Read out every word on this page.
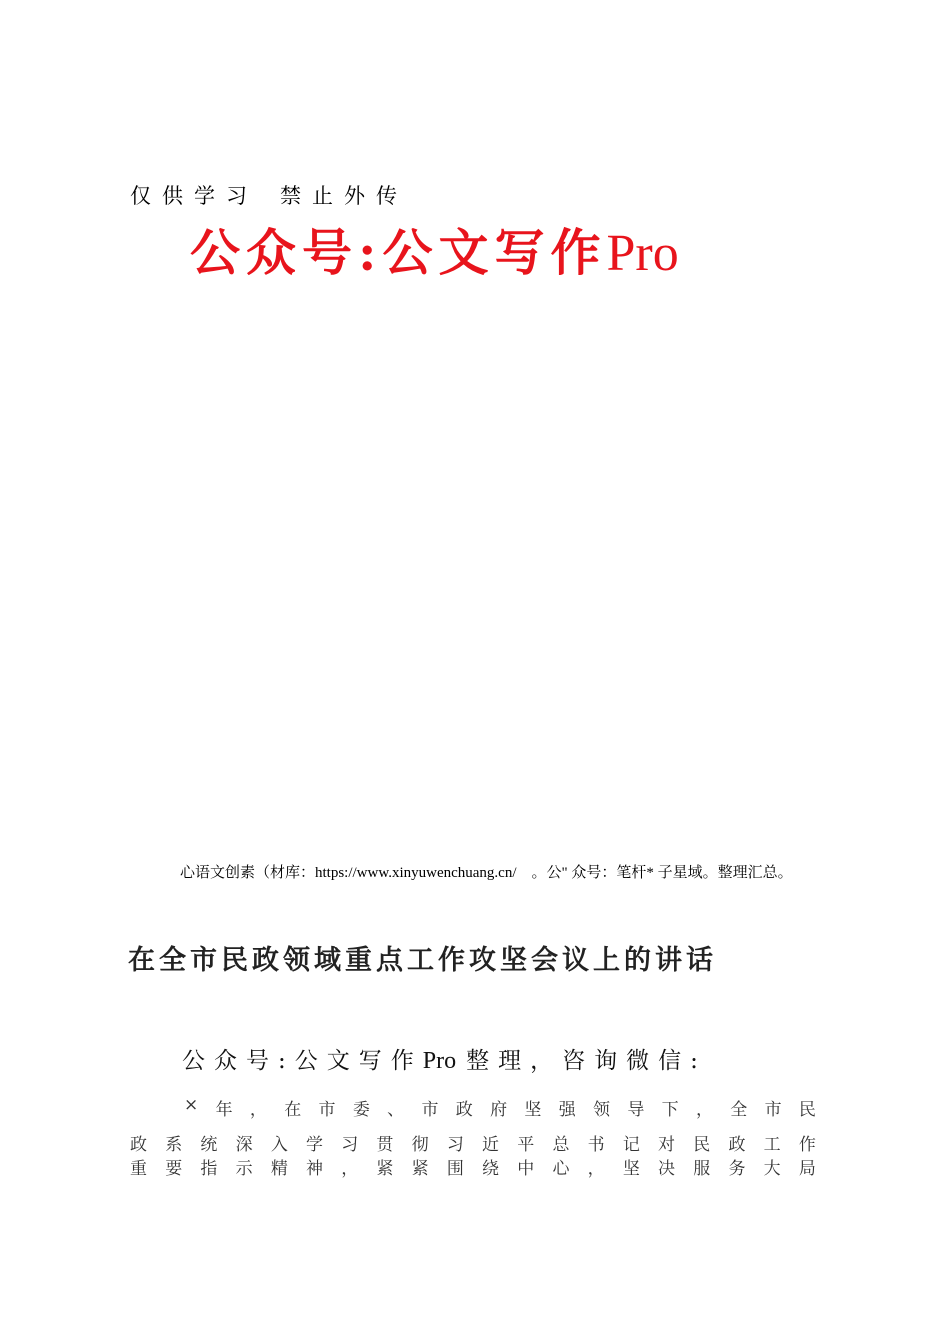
仅供学习 禁止外传
公众号:公文写作Pro
心语文创素（材库：https://www.xinyuwenchuang.cn/　。公" 众号：笔杆* 子星域。整理汇总。
在全市民政领域重点工作攻坚会议上的讲话
公众号:公文写作Pro 整理，咨询微信:
× 年 ， 在 市 委 、 市 政 府 坚 强 领 导 下 ， 全 市 民
政 系 统 深 入 学 习 贯 彻 习 近 平 总 书 记 对 民 政 工 作
重 要 指 示 精 神 ， 紧 紧 围 绕 中 心 ， 坚 决 服 务 大 局
